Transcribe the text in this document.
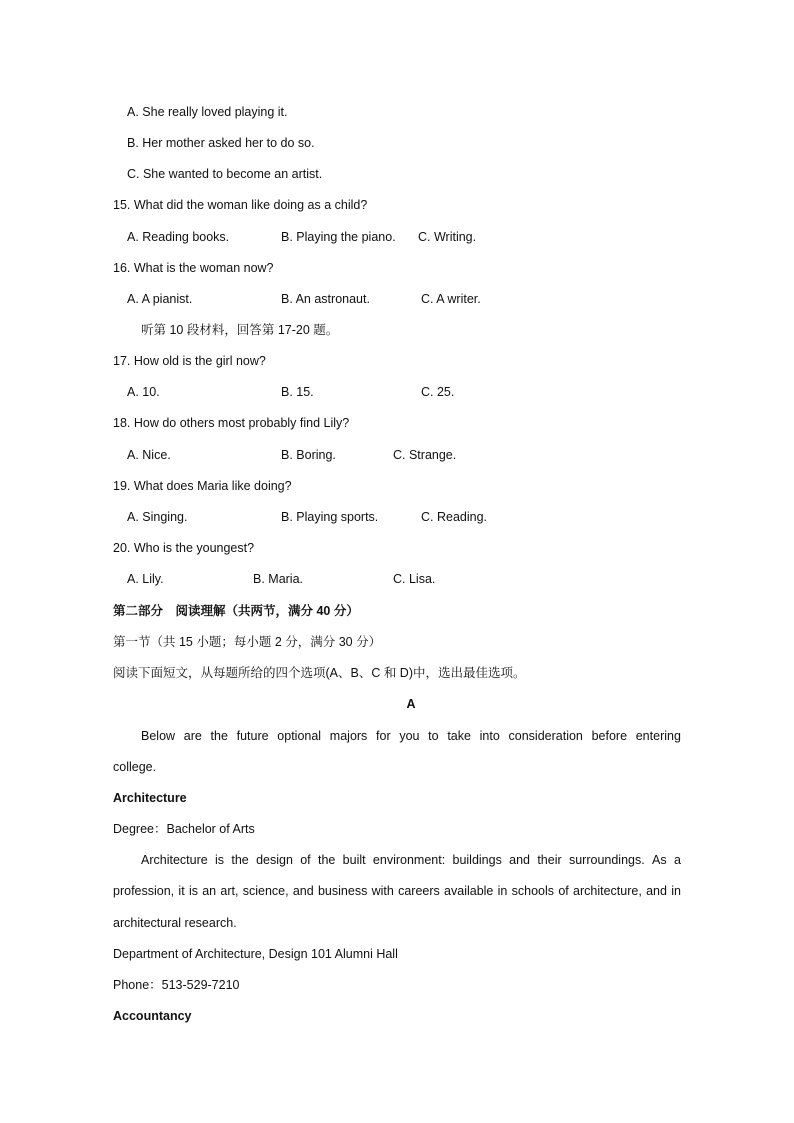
A. She really loved playing it.
B. Her mother asked her to do so.
C. She wanted to become an artist.
15. What did the woman like doing as a child?
A. Reading books.	B. Playing the piano. C. Writing.
16. What is the woman now?
A. A pianist.	B. An astronaut.	C. A writer.
听第 10 段材料，回答第 17-20 题。
17. How old is the girl now?
A. 10.	B. 15.	C. 25.
18. How do others most probably find Lily?
A. Nice.	B. Boring.	C. Strange.
19. What does Maria like doing?
A. Singing.	B. Playing sports.	C. Reading.
20. Who is the youngest?
A. Lily.	B. Maria.	C. Lisa.
第二部分　阅读理解（共两节，满分 40 分）
第一节（共 15 小题；每小题 2 分，满分 30 分）
阅读下面短文，从每题所给的四个选项(A、B、C 和 D)中，选出最佳选项。
A
Below are the future optional majors for you to take into consideration before entering
college.
Architecture
Degree：Bachelor of Arts
Architecture is the design of the built environment: buildings and their surroundings. As a
profession, it is an art, science, and business with careers available in schools of architecture, and in
architectural research.
Department of Architecture, Design 101 Alumni Hall
Phone：513-529-7210
Accountancy
